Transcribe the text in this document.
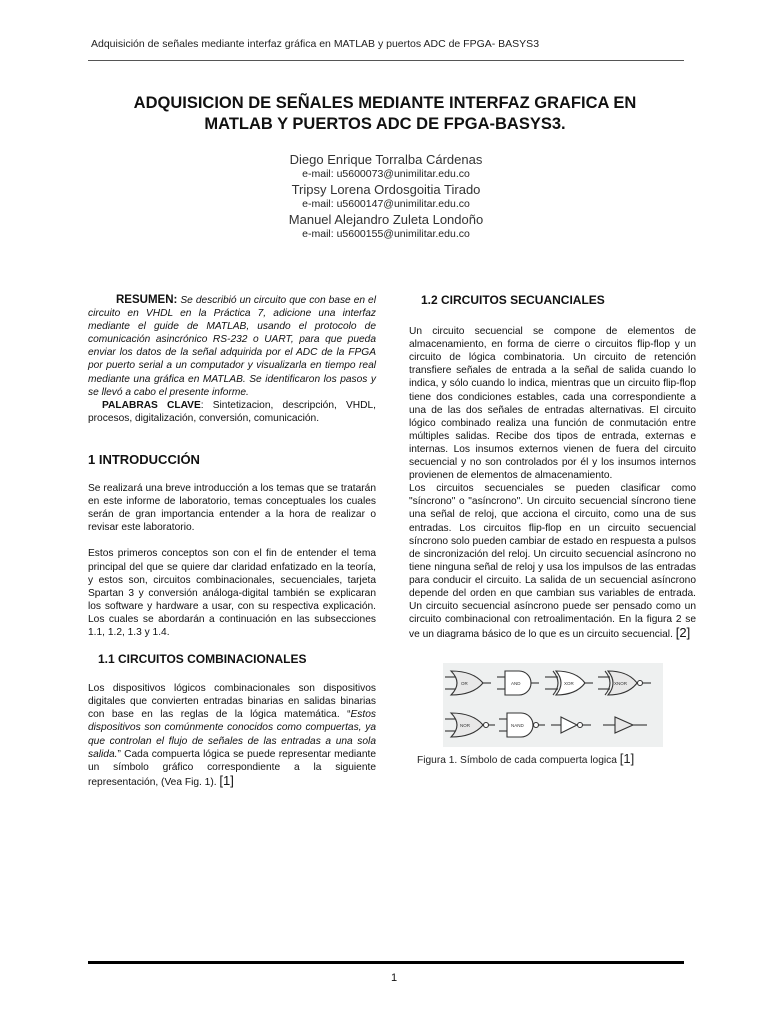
Adquisición de señales mediante interfaz gráfica en MATLAB y puertos ADC de FPGA- BASYS3
ADQUISICION DE SEÑALES MEDIANTE INTERFAZ GRAFICA EN
MATLAB Y PUERTOS ADC DE FPGA-BASYS3.
Diego Enrique Torralba Cárdenas
e-mail: u5600073@unimilitar.edu.co
Tripsy Lorena Ordosgoitia Tirado
e-mail: u5600147@unimilitar.edu.co
Manuel Alejandro Zuleta Londoño
e-mail: u5600155@unimilitar.edu.co

RESUMEN: Se describió un circuito que con base en el circuito en VHDL en la Práctica 7, adicione una interfaz mediante el guide de MATLAB, usando el protocolo de comunicación asincrónico RS-232 o UART, para que pueda enviar los datos de la señal adquirida por el ADC de la FPGA por puerto serial a un computador y visualizarla en tiempo real mediante una gráfica en MATLAB. Se identificaron los pasos y se llevó a cabo el presente informe.

PALABRAS CLAVE: Sintetizacion, descripción, VHDL, procesos, digitalización, conversión, comunicación.

1 INTRODUCCIÓN

Se realizará una breve introducción a los temas que se tratarán en este informe de laboratorio, temas conceptuales los cuales serán de gran importancia entender a la hora de realizar o revisar este laboratorio.

Estos primeros conceptos son con el fin de entender el tema principal del que se quiere dar claridad enfatizado en la teoría, y estos son, circuitos combinacionales, secuenciales, tarjeta Spartan 3 y conversión análoga-digital también se explicaran los software y hardware a usar, con su respectiva explicación. Los cuales se abordarán a continuación en las subsecciones 1.1, 1.2, 1.3 y 1.4.

1.1 CIRCUITOS COMBINACIONALES

Los dispositivos lógicos combinacionales son dispositivos digitales que convierten entradas binarias en salidas binarias con base en las reglas de la lógica matemática. “Estos dispositivos son comúnmente conocidos como compuertas, ya que controlan el flujo de señales de las entradas a una sola salida.” Cada compuerta lógica se puede representar mediante un símbolo gráfico correspondiente a la siguiente representación, (Vea Fig. 1). [1]

1.2 CIRCUITOS SECUANCIALES

Un circuito secuencial se compone de elementos de almacenamiento, en forma de cierre o circuitos flip-flop y un circuito de lógica combinatoria. Un circuito de retención transfiere señales de entrada a la señal de salida cuando lo indica, y sólo cuando lo indica, mientras que un circuito flip-flop tiene dos condiciones estables, cada una correspondiente a una de las dos señales de entradas alternativas. El circuito lógico combinado realiza una función de conmutación entre múltiples salidas. Recibe dos tipos de entrada, externas e internas. Los insumos externos vienen de fuera del circuito secuencial y no son controlados por él y los insumos internos provienen de elementos de almacenamiento.

Los circuitos secuenciales se pueden clasificar como "síncrono" o "asíncrono". Un circuito secuencial síncrono tiene una señal de reloj, que acciona el circuito, como una de sus entradas. Los circuitos flip-flop en un circuito secuencial síncrono solo pueden cambiar de estado en respuesta a pulsos de sincronización del reloj. Un circuito secuencial asíncrono no tiene ninguna señal de reloj y usa los impulsos de las entradas para conducir el circuito. La salida de un secuencial asíncrono depende del orden en que cambian sus variables de entrada. Un circuito secuencial asíncrono puede ser pensado como un circuito combinacional con retroalimentación. En la figura 2 se ve un diagrama básico de lo que es un circuito secuencial. [2]

OR	AND	XOR	XNOR
NOR	NAND
Figura 1. Símbolo de cada compuerta logica [1]
1
